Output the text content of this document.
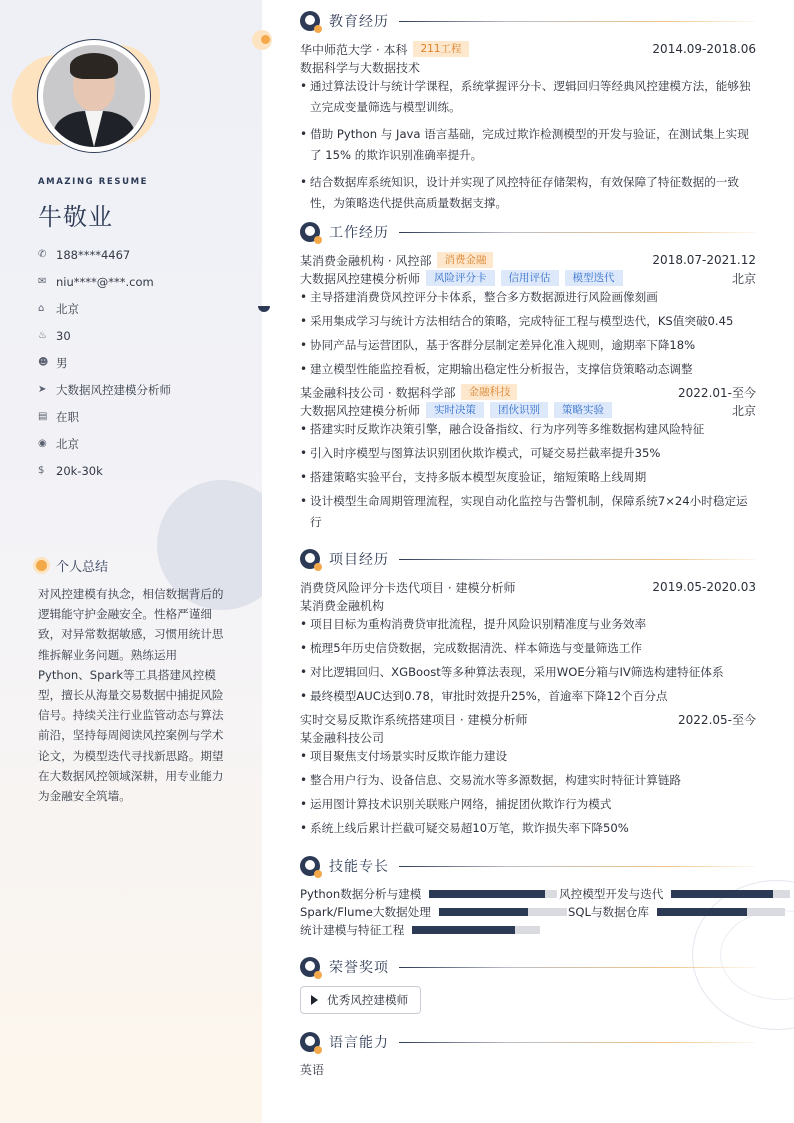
AMAZING RESUME
牛敬业
✆ 188****4467
✉ niu****@***.com
⌂	北京
♨ 30
☻ 男
➤ 大数据风控建模分析师
▤ 在职
◉ 北京
$	20k-30k
个人总结
对风控建模有执念，相信数据背后的逻辑能守护金融安全。性格严谨细致，对异常数据敏感，习惯用统计思维拆解业务问题。熟练运用Python、Spark等工具搭建风控模型，擅长从海量交易数据中捕捉风险信号。持续关注行业监管动态与算法前沿，坚持每周阅读风控案例与学术论文，为模型迭代寻找新思路。期望在大数据风控领域深耕，用专业能力为金融安全筑墙。
教育经历
华中师范大学 · 本科	211工程	2014.09-2018.06
数据科学与大数据技术
• 通过算法设计与统计学课程，系统掌握评分卡、逻辑回归等经典风控建模方法，能够独立完成变量筛选与模型训练。
• 借助 Python 与 Java 语言基础，完成过欺诈检测模型的开发与验证，在测试集上实现了 15% 的欺诈识别准确率提升。
• 结合数据库系统知识，设计并实现了风控特征存储架构，有效保障了特征数据的一致性，为策略迭代提供高质量数据支撑。
工作经历
某消费金融机构 · 风控部	消费金融	2018.07-2021.12
大数据风控建模分析师	风险评分卡	信用评估	模型迭代	北京
• 主导搭建消费贷风控评分卡体系，整合多方数据源进行风险画像刻画
• 采用集成学习与统计方法相结合的策略，完成特征工程与模型迭代，KS值突破0.45
• 协同产品与运营团队，基于客群分层制定差异化准入规则，逾期率下降18%
• 建立模型性能监控看板，定期输出稳定性分析报告，支撑信贷策略动态调整
某金融科技公司 · 数据科学部	金融科技	2022.01-至今
大数据风控建模分析师	实时决策	团伙识别	策略实验	北京
• 搭建实时反欺诈决策引擎，融合设备指纹、行为序列等多维数据构建风险特征
• 引入时序模型与图算法识别团伙欺诈模式，可疑交易拦截率提升35%
• 搭建策略实验平台，支持多版本模型灰度验证，缩短策略上线周期
• 设计模型生命周期管理流程，实现自动化监控与告警机制，保障系统7×24小时稳定运行
项目经历
消费贷风险评分卡迭代项目 · 建模分析师	2019.05-2020.03
某消费金融机构
• 项目目标为重构消费贷审批流程，提升风险识别精准度与业务效率
• 梳理5年历史信贷数据，完成数据清洗、样本筛选与变量筛选工作
• 对比逻辑回归、XGBoost等多种算法表现，采用WOE分箱与IV筛选构建特征体系
• 最终模型AUC达到0.78，审批时效提升25%，首逾率下降12个百分点
实时交易反欺诈系统搭建项目 · 建模分析师	2022.05-至今
某金融科技公司
• 项目聚焦支付场景实时反欺诈能力建设
• 整合用户行为、设备信息、交易流水等多源数据，构建实时特征计算链路
• 运用图计算技术识别关联账户网络，捕捉团伙欺诈行为模式
• 系统上线后累计拦截可疑交易超10万笔，欺诈损失率下降50%
技能专长
Python数据分析与建模	风控模型开发与迭代
Spark/Flume大数据处理	SQL与数据仓库
统计建模与特征工程
荣誉奖项
优秀风控建模师
语言能力
英语
